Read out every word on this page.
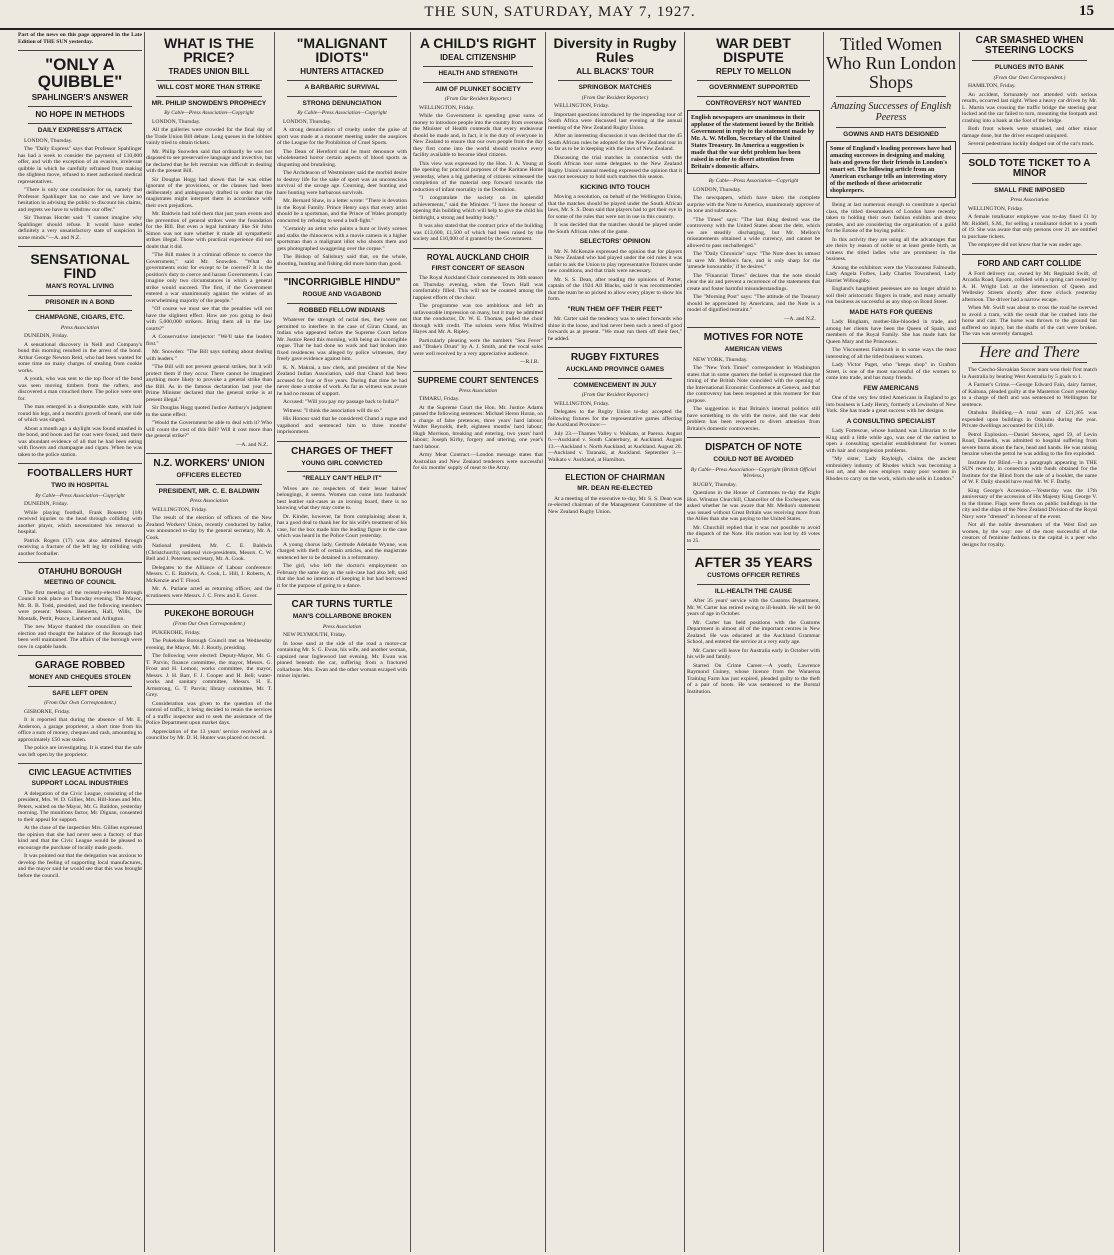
THE SUN, SATURDAY, MAY 7, 1927.	15

Part of the news on this page appeared in the Late Edition of THE SUN yesterday.

"ONLY A QUIBBLE"
SPAHLINGER'S ANSWER
NO HOPE IN METHODS
DAILY EXPRESS'S ATTACK

LONDON, Thursday.

The "Daily Express" says that Professor Spahlinger has had a week to consider the payment of £10,000 offer, and with the exception of an evasive, irrelevant quibble in which he carefully refrained from making the slightest move, refused to meet authorised medical representatives.

"There is only one conclusion for us, namely that Professor Spahlinger has no case and we have no hesitation in advising the public to discount his claims, and regrets we have to withdraw our offer."

Sir Thomas Horder said: "I cannot imagine why Spahlinger should refuse. It would have ended definitely a very unsatisfactory state of suspicion in some minds."—A. and N.Z.

SENSATIONAL FIND
MAN'S ROYAL LIVING
PRISONER IN A BOND
CHAMPAGNE, CIGARS, ETC.
Press Association

DUNEDIN, Friday.

A sensational discovery in Neill and Company's bond this morning resulted in the arrest of the bond. Arthur George Newton Reid, who had been wanted for some time on many charges of stealing from cookie works.

A youth, who was sent to the top floor of the bond was seen moving timbers from the rafters, and discovered a man crouched there. The police were sent for.

The man emerged in a disreputable state, with hair round his legs, and a month's growth of beard, one side of which was singed.

About a month ago a skylight was found smashed in the bond, and boots and fur coat were found, and there was abundant evidence of all that he had been eating with flowers and champagne and cigars. When he was taken to the police station.

FOOTBALLERS HURT
TWO IN HOSPITAL
By Cable—Press Association—Copyright

DUNEDIN, Friday.

While playing football, Frank Boustery (18) received injuries to the head through colliding with another player, which necessitated his removal to hospital.

Patrick Rogers (17) was also admitted through receiving a fracture of the left leg by colliding with another footballer.

OTAHUHU BOROUGH
MEETING OF COUNCIL

The first meeting of the recently-elected Borough Council took place on Thursday evening. The Mayor, Mr. R. B. Todd, presided, and the following members were present: Messrs. Bennetts, Hall, Wills, De Montalk, Pettit, Pearce, Lambert and Arlington.

The new Mayor thanked the councillors on their election and thought the balance of the Borough had been well maintained. The affairs of the borough were now in capable hands.

GARAGE ROBBED
MONEY AND CHEQUES STOLEN
SAFE LEFT OPEN
(From Our Own Correspondent.)

GISBORNE, Friday.

It is reported that during the absence of Mr. E. Anderson, a garage proprietor, a short time from his office a sum of money, cheques and cash, amounting to approximately £50 was stolen.

The police are investigating. It is stated that the safe was left open by the proprietor.

CIVIC LEAGUE ACTIVITIES
SUPPORT LOCAL INDUSTRIES

A delegation of the Civic League, consisting of the president, Mrs. W. D. Gillies, Mrs. Hill-Jones and Mrs. Peters, waited on the Mayor, Mr. G. Baildon, yesterday morning. The munitions factor, Mr. Dignan, consented to their appeal for support.

At the close of the inspection Mrs. Gillies expressed the opinion that she had never seen a factory of that kind and that the Civic League would be pleased to encourage the purchase of locally made goods.

It was pointed out that the delegation was anxious to develop the feeling of supporting local manufactures, and the mayor said he would see that this was brought before the council.

WHAT IS THE PRICE?
TRADES UNION BILL
WILL COST MORE THAN STRIKE
MR. PHILIP SNOWDEN'S PROPHECY
By Cable—Press Association—Copyright

LONDON, Thursday.

All the galleries were crowded for the final day of the Trade Union Bill debate. Long queues in the lobbies vainly tried to obtain tickets.

Mr. Philip Snowden said that ordinarily he was not disposed to see preservative language and invective, but he declared that he felt restraint was difficult in dealing with the present Bill.

Sir Douglas Hogg had shown that he was either ignorant of the provisions, or the clauses had been deliberately and ambiguously drafted in order that the magistrates might interpret them in accordance with their own prejudices.

Mr. Baldwin had told them that just years events and the prevention of general strikes were the foundation for the Bill. But even a legal luminary like Sir John Simon was not sure whether it made all sympathetic strikes illegal. Those with practical experience did not doubt that it did.

"The Bill makes it a criminal offence to coerce the Government," said Mr. Snowden. "What do governments exist for except to be coerced? It is the position's duty to coerce and harass Governments. I can imagine only two circumstances in which a general strike would succeed. The first, if the Government entered a war unanimously against the wishes of an overwhelming majority of the people."

"Of course we must see that the penalties will not have the slightest effect. How are you going to deal with 5,000,000 strikers. Bring them all in the law courts?"

A Conservative interjector: "We'll take the leaders first."

Mr. Snowden: "The Bill says nothing about dealing with leaders."

"The Bill will not prevent general strikes, but it will protect them if they occur. There cannot be imagined anything more likely to provoke a general strike than the Bill. As in the famous declaration last year the Prime Minister declared that the general strike is at present illegal."

Sir Douglas Hogg quoted Justice Astbury's judgment to the same effect.

"Would the Government be able to deal with it? Who will count the cost of this Bill? Will it cost more than the general strike?"

—A. and N.Z.
N.Z. WORKERS' UNION
OFFICERS ELECTED
PRESIDENT, MR. C. E. BALDWIN
Press Association

WELLINGTON, Friday.

The result of the election of officers of the New Zealand Workers' Union, recently conducted by ballot, was announced to-day by the general secretary, Mr. A. Cook.

National president, Mr. C. E. Baldwin (Christchurch); national vice-presidents, Messrs. C. W. Bell and J. Petersen; secretary, Mr. A. Cook.

Delegates to the Alliance of Labour conference: Messrs. C. E. Baldwin, A. Cook, L. Hill, J. Roberts, A. McKenzie and T. Flood.

Mr. A. Parlane acted as returning officer, and the scrutineers were Messrs. J. C. Frew and E. Gover.

PUKEKOHE BOROUGH
(From Our Own Correspondent.)

PUKEKOHE, Friday.

The Pukekohe Borough Council met on Wednesday evening, the Mayor, Mr. J. Routly, presiding.

The following were elected: Deputy-Mayor, Mr. G. T. Parvin; finance committee, the mayor, Messrs. G. Frost and H. Lemon; works committee, the mayor, Messrs. J. H. Barr, F. J. Cooper and H. Bell; water-works and sanitary committee, Messrs. H. E. Armstrong, G. T. Parvin; library committee, Mr. T. Grey.

Consideration was given to the question of the control of traffic, it being decided to retain the services of a traffic inspector and to seek the assistance of the Police Department upon market days.

Appreciation of the 13 years' service received as a councillor by Mr. D. H. Hunter was placed on record.

"MALIGNANT IDIOTS"
HUNTERS ATTACKED
A BARBARIC SURVIVAL
STRONG DENUNCIATION
By Cable—Press Association—Copyright

LONDON, Thursday.

A strong denunciation of cruelty under the guise of sport was made at a monster meeting under the auspices of the League for the Prohibition of Cruel Sports.

The Dean of Hereford said he must denounce with wholehearted horror certain aspects of blood sports as disgusting and brutalising.

The Archdeacon of Westminster said the morbid desire to destroy life for the sake of sport was an unconscious survival of the savage age. Coursing, deer hunting and hare hunting were barbarous survivals.

Mr. Bernard Shaw, in a letter wrote: "There is devotion in the Royal Family. Prince Henry says that every artist should be a sportsman, and the Prince of Wales promptly concurred by refusing to send a bull-fight."

"Certainly an artist who paints a hunt or lively scenes and stalks the rhinoceros with a movie camera is a higher sportsman than a malignant idiot who shoots them and gets photographed swaggering over the corpse."

The Bishop of Salisbury said that, on the whole, shooting, hunting and fishing did more harm than good.

"INCORRIGIBLE HINDU"
ROGUE AND VAGABOND
ROBBED FELLOW INDIANS

Whatever the strength of racial ties, they were not permitted to interfere in the case of Giran Chand, an Indian who appeared before the Supreme Court before Mr. Justice Reed this morning, with being an incorrigible rogue. That he had done no work and had broken into fixed residences was alleged by police witnesses, they freely gave evidence against him.

K. N. Makrai, a taw clerk, and president of the New Zealand Indian Association, said that Chand had been accused for four or five years. During that time he had never done a stroke of work. As far as witness was aware he had no means of support.

Accused: "Will you pay my passage back to India?"

Witness: "I think the association will do so."

His Honour said that he considered Chand a rogue and vagabond and sentenced him to three months' imprisonment.

CHARGES OF THEFT
YOUNG GIRL CONVICTED
"REALLY CAN'T HELP IT"

Wives are no respecters of their lesser halves' belongings, it seems. Women can come into husbands' best leather suit-cases as an ironing board, there is no knowing what they may come to.

Dr. Kinder, however, far from complaining about it, has a good deal to thank her for his wife's treatment of his case, for the box made him the leading figure in the case which was heard in the Police Court yesterday.

A young chorus lady, Gertrude Adelaide Wynne, was charged with theft of certain articles, and the magistrate sentenced her to be detained in a reformatory.

The girl, who left the doctor's employment on February the same day as the suit-case had also left, said that she had no intention of keeping it but had borrowed it for the purpose of going to a dance.

CAR TURNS TURTLE
MAN'S COLLARBONE BROKEN
Press Association

NEW PLYMOUTH, Friday.

In loose sand at the side of the road a motor-car containing Mr. S. G. Ewan, his wife, and another woman, capsized near Inglewood last evening. Mr. Ewan was pinned beneath the car, suffering from a fractured collarbone. Mrs. Ewan and the other woman escaped with minor injuries.

A CHILD'S RIGHT
IDEAL CITIZENSHIP
HEALTH AND STRENGTH
AIM OF PLUNKET SOCIETY
(From Our Resident Reporter.)

WELLINGTON, Friday.

While the Government is spending great sums of money to introduce people into the country from overseas the Minister of Health contends that every endeavour should be made and, in fact, it is the duty of everyone in New Zealand to ensure that our own people from the day they first come into the world should receive every facility available to become ideal citizens.

This view was expressed by the Hon. J. A. Young at the opening for practical purposes of the Karitane Home yesterday, when a big gathering of citizens witnessed the completion of the material step forward towards the reduction of infant mortality in the Dominion.

"I congratulate the society on its splendid achievements," said the Minister. "I have the honour of opening this building which will help to give the child his birthright, a strong and healthy body."

It was also stated that the contract price of the building was £13,600, £1,500 of which had been raised by the society and £10,000 of it granted by the Government.

ROYAL AUCKLAND CHOIR
FIRST CONCERT OF SEASON

The Royal Auckland Choir commenced its 36th season on Thursday evening, when the Town Hall was comfortably filled. This will not be counted among the happiest efforts of the choir.

The programme was too ambitious and left an unfavourable impression on many, but it may be admitted that the conductor, Dr. W. E. Thomas, pulled the choir through with credit. The soloists were Miss Winifred Hayes and Mr. A. Ripley.

Particularly pleasing were the numbers "Sea Fever" and "Drake's Drum" by A. J. Smith, and the vocal solos were well received by a very appreciative audience.

—R.I.B.
SUPREME COURT SENTENCES
Press Association

TIMARU, Friday.

At the Supreme Court the Hon. Mr. Justice Adams passed the following sentences: Michael Heron Horan, on a charge of false pretences, three years' hard labour; Walter Reynolds, theft, eighteen months' hard labour; Hugh Morrison, breaking and entering, two years' hard labour; Joseph Kirby, forgery and uttering, one year's hard labour.

Army Meat Contract.—London message states that Australian and New Zealand tenderers were successful for six months' supply of meat to the Army.

Diversity in Rugby Rules
ALL BLACKS' TOUR
SPRINGBOK MATCHES
(From Our Resident Reporter.)

WELLINGTON, Friday.

Important questions introduced by the impending tour of South Africa were discussed last evening at the annual meeting of the New Zealand Rugby Union.

After an interesting discussion it was decided that the 45 South African rules be adopted for the New Zealand tour in so far as to be in keeping with the laws of New Zealand.

Discussing the trial matches in connection with the South African tour some delegates to the New Zealand Rugby Union's annual meeting expressed the opinion that it was not necessary to hold such matches this season.

KICKING INTO TOUCH

Moving a resolution, on behalf of the Wellington Union, that the matches should be played under the South African laws, Mr. S. S. Dean said that players had to get their eye in for some of the rules that were not in use in this country.

It was decided that the matches should be played under the South African rules of the game.

SELECTORS' OPINION

Mr. N. McKenzie expressed the opinion that for players in New Zealand who had played under the old rules it was unfair to ask the Union to play representative fixtures under new conditions, and that trials were necessary.

Mr. S. S. Dean, after reading the opinions of Porter, captain of the 1924 All Blacks, said it was recommended that the team be so picked to allow every player to show his form.

"RUN THEM OFF THEIR FEET"

Mr. Carter said the tendency was to select forwards who shine in the loose, and had never been such a need of good forwards as at present. "We must run them off their feet," he added.

RUGBY FIXTURES
AUCKLAND PROVINCE GAMES
COMMENCEMENT IN JULY
(From Our Resident Reporter.)

WELLINGTON, Friday.

Delegates to the Rugby Union to-day accepted the following fixtures for the representative games affecting the Auckland Province:—

July 23.—Thames Valley v. Waikato, at Paeroa. August 6.—Auckland v. South Canterbury, at Auckland. August 13.—Auckland v. North Auckland, at Auckland. August 20.—Auckland v. Taranaki, at Auckland. September 3.—Waikato v. Auckland, at Hamilton.

ELECTION OF CHAIRMAN
MR. DEAN RE-ELECTED

At a meeting of the executive to-day, Mr. S. S. Dean was re-elected chairman of the Management Committee of the New Zealand Rugby Union.

WAR DEBT DISPUTE
REPLY TO MELLON
GOVERNMENT SUPPORTED
CONTROVERSY NOT WANTED
English newspapers are unanimous in their applause of the statement issued by the British Government in reply to the statement made by Mr. A. W. Mellon, Secretary of the United States Treasury. In America a suggestion is made that the war debt problem has been raised in order to divert attention from Britain's domestic affairs.
By Cable—Press Association—Copyright

LONDON, Thursday.

The newspapers, which have taken the complete surprise with the Note to America, unanimously approve of its tone and substance.

"The Times" says: "The last thing desired was the controversy with the United States about the debt, which we are steadily discharging, but Mr. Mellon's misstatements obtained a wide currency, and cannot be allowed to pass unchallenged."

The "Daily Chronicle" says: "The Note does its utmost to save Mr. Mellon's face, and is only sharp for the 'amende honourable,' if he desires."

The "Financial Times" declares that the note should clear the air and prevent a recurrence of the statements that create and foster harmful misunderstandings.

The "Morning Post" says: "The attitude of the Treasury should be appreciated by Americans, and the Note is a model of dignified restraint."

—A. and N.Z.
MOTIVES FOR NOTE
AMERICAN VIEWS

NEW YORK, Thursday.

The "New York Times" correspondent in Washington states that in some quarters the belief is expressed that the timing of the British Note coincided with the opening of the International Economic Conference at Geneva, and that the controversy has been reopened at this moment for that purpose.

The suggestion is that Britain's internal politics still have something to do with the move, and the war debt problem has been reopened to divert attention from Britain's domestic controversies.

DISPATCH OF NOTE
COULD NOT BE AVOIDED
By Cable—Press Association—Copyright (British Official Wireless.)

RUGBY, Thursday.

Questions in the House of Commons to-day the Right Hon. Winston Churchill, Chancellor of the Exchequer, was asked whether he was aware that Mr. Mellon's statement was issued without Great Britain was receiving more from the Allies than she was paying to the United States.

Mr. Churchill replied that it was not possible to avoid the dispatch of the Note. His motion was lost by 46 votes to 25.

AFTER 35 YEARS
CUSTOMS OFFICER RETIRES
ILL-HEALTH THE CAUSE

After 35 years' service with the Customs Department, Mr. W. Carter has retired owing to ill-health. He will be 60 years of age in October.

Mr. Carter has held positions with the Customs Department in almost all of the important centres in New Zealand. He was educated at the Auckland Grammar School, and entered the service at a very early age.

Mr. Carter will leave for Australia early in October with his wife and family.

Started On Crime Career.—A youth, Lawrence Raymond Guiney, whose licence from the Waraeroa Training Farm has just expired, pleaded guilty to the theft of a pair of boots. He was sentenced to the Borstal Institution.

Titled Women Who Run London Shops
Amazing Successes of English Peeress
GOWNS AND HATS DESIGNED
Some of England's leading peeresses have had amazing successes in designing and making hats and gowns for their friends in London's smart set. The following article from an American exchange tells an interesting story of the methods of these aristocratic shopkeepers.

Being at last numerous enough to constitute a special class, the titled dressmakers of London have recently taken to holding their own fashion exhibits and dress parades, and are considering the organisation of a guild for the Eotone of the buying public.

In this activity they are using all the advantages that are theirs by reason of noble or at least gentle birth, as witness the titled ladies who are prominent in the business.

Among the exhibitors were the Viscountess Falmouth, Lady Angela Forbes, Lady Charles Townshend, Lady Harriet Willoughby.

England's haughtiest peeresses are no longer afraid to soil their aristocratic fingers in trade, and many actually run business as successful as any shop on Bond Street.

MADE HATS FOR QUEENS

Lady Bingham, mother-like-blooded in trade, and among her clients have been the Queen of Spain, and members of the Royal Family. She has made hats for Queen Mary and the Princesses.

The Viscountess Falmouth is in some ways the most interesting of all the titled business women.

Lady Victor Paget, who "keeps shop" in Grafton Street, is one of the most successful of the women to come into trade, and has many friends.

FEW AMERICANS

One of the very few titled Americans in England to go into business is Lady Henry, formerly a Lewisohn of New York. She has made a great success with her designs.

A CONSULTING SPECIALIST

Lady Fortescue, whose husband was Librarian to the King until a little while ago, was one of the earliest to open a consulting specialist establishment for women with hair and complexion problems.

"My sister, Lady Rayleigh, claims the ancient embroidery industry of Rhodes which was becoming a lost art, and she now employs many poor women in Rhodes to carry on the work, which she sells in London."

CAR SMASHED WHEN STEERING LOCKS
PLUNGES INTO BANK
(From Our Own Correspondent.)

HAMILTON, Friday.

An accident, fortunately not attended with serious results, occurred last night. When a heavy car driven by Mr. L. Martin was crossing the traffic bridge the steering gear locked and the car failed to turn, mounting the footpath and crashing into a bank at the foot of the bridge.

Both front wheels were smashed, and other minor damage done, but the driver escaped uninjured.

Several pedestrians luckily dodged out of the car's track.

SOLD TOTE TICKET TO A MINOR
SMALL FINE IMPOSED
Press Association

WELLINGTON, Friday.

A female totalisator employee was to-day fined £1 by Mr. Riddell, S.M., for selling a totalisator ticket to a youth of 19. She was aware that only persons over 21 are entitled to purchase tickets.

The employee did not know that he was under age.

FORD AND CART COLLIDE

A Ford delivery car, owned by Mr. Reginald Swift, of Arcadia Road, Epsom, collided with a spring cart owned by A. H. Wright Ltd. at the intersection of Queen and Wellesley Streets shortly after three o'clock yesterday afternoon. The driver had a narrow escape.

When Mr. Swift was about to cross the road he swerved to avoid a tram, with the result that he crashed into the horse and cart. The horse was thrown to the ground but suffered no injury, but the shafts of the cart were broken. The van was severely damaged.

Here and There

The Czecho-Slovakian Soccer team won their first match in Australia by beating West Australia by 5 goals to 1.

A Farmer's Crime.—George Edward Fain, dairy farmer, of Kaituna, pleaded guilty at the Masterton Court yesterday to a charge of theft and was sentenced to Wellington for sentence.

Otahuhu Building.—A total sum of £21,365 was expended upon buildings in Otahuhu during the year. Private dwellings accounted for £18,140.

Petrol Explosion.—Daniel Stevens, aged 59, of Levin Road, Dunedin, was admitted to hospital suffering from severe burns about the face, head and hands. He was raising benzine when the petrol he was adding to the fire exploded.

Institute for Blind.—In a paragraph appearing in THE SUN recently, in connection with funds obtained for the Institute for the Blind from the sale of a booklet, the name of W. F. Daily should have read Mr. W. F. Darby.

King George's Accession.—Yesterday was the 17th anniversary of the accession of His Majesty King George V. to the throne. Flags were flown on public buildings in the city and the ships of the New Zealand Division of the Royal Navy were "dressed" in honour of the event.

Not all the noble dressmakers of the West End are women, by the way: one of the most successful of the creators of feminine fashions in the capital is a peer who designs for royalty.
